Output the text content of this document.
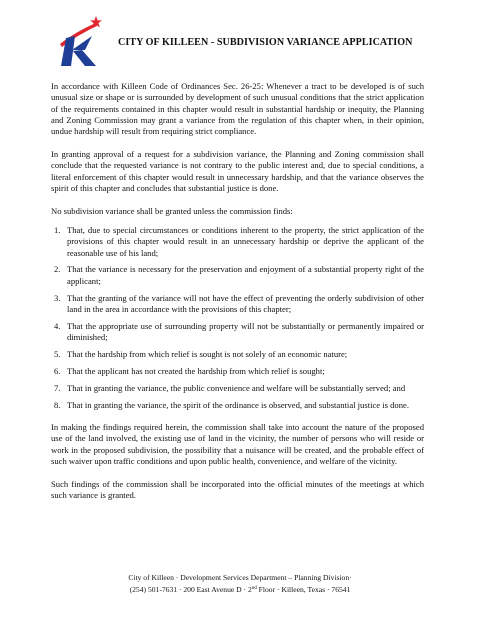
CITY OF KILLEEN - SUBDIVISION VARIANCE APPLICATION

In accordance with Killeen Code of Ordinances Sec. 26-25: Whenever a tract to be developed is of such unusual size or shape or is surrounded by development of such unusual conditions that the strict application of the requirements contained in this chapter would result in substantial hardship or inequity, the Planning and Zoning Commission may grant a variance from the regulation of this chapter when, in their opinion, undue hardship will result from requiring strict compliance.

In granting approval of a request for a subdivision variance, the Planning and Zoning commission shall conclude that the requested variance is not contrary to the public interest and, due to special conditions, a literal enforcement of this chapter would result in unnecessary hardship, and that the variance observes the spirit of this chapter and concludes that substantial justice is done.

No subdivision variance shall be granted unless the commission finds:

1. That, due to special circumstances or conditions inherent to the property, the strict application of the provisions of this chapter would result in an unnecessary hardship or deprive the applicant of the reasonable use of his land;
2. That the variance is necessary for the preservation and enjoyment of a substantial property right of the applicant;
3. That the granting of the variance will not have the effect of preventing the orderly subdivision of other land in the area in accordance with the provisions of this chapter;
4. That the appropriate use of surrounding property will not be substantially or permanently impaired or diminished;
5. That the hardship from which relief is sought is not solely of an economic nature;
6. That the applicant has not created the hardship from which relief is sought;
7. That in granting the variance, the public convenience and welfare will be substantially served; and
8. That in granting the variance, the spirit of the ordinance is observed, and substantial justice is done.

In making the findings required herein, the commission shall take into account the nature of the proposed use of the land involved, the existing use of land in the vicinity, the number of persons who will reside or work in the proposed subdivision, the possibility that a nuisance will be created, and the probable effect of such waiver upon traffic conditions and upon public health, convenience, and welfare of the vicinity.

Such findings of the commission shall be incorporated into the official minutes of the meetings at which such variance is granted.

City of Killeen · Development Services Department – Planning Division·
(254) 501-7631 · 200 East Avenue D · 2nd Floor · Killeen, Texas · 76541
